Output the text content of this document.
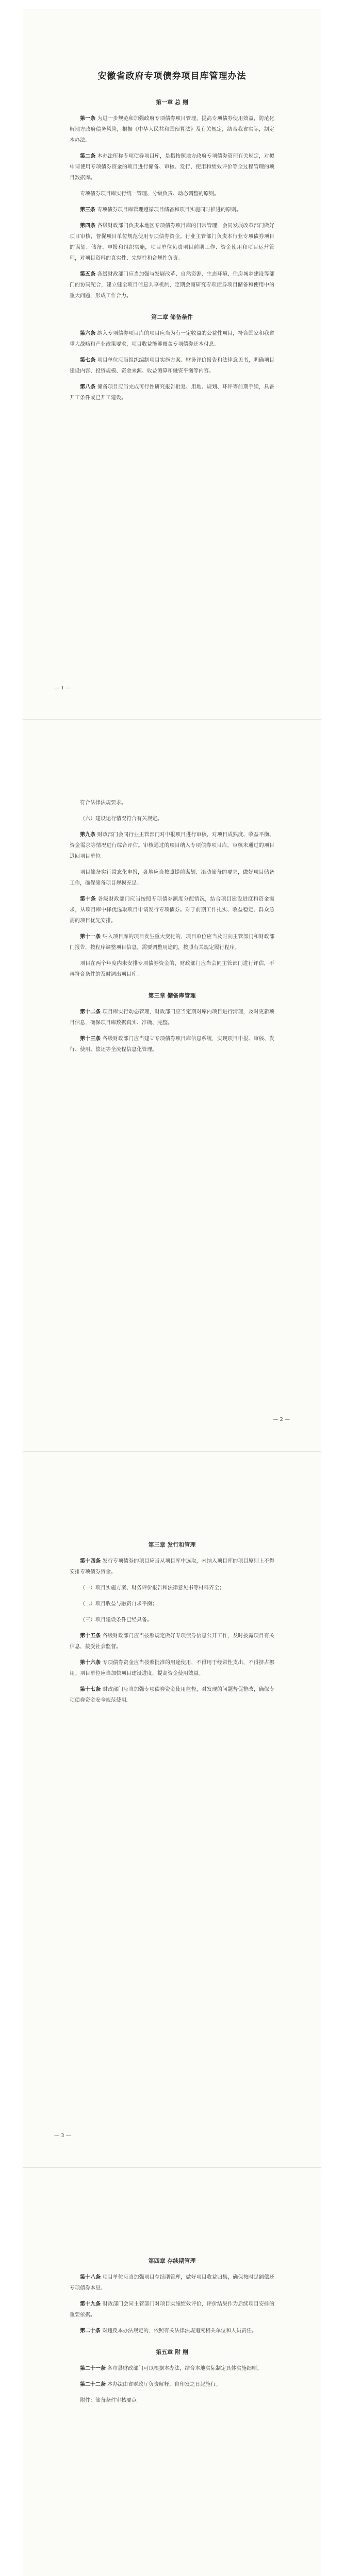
安徽省政府专项债券项目库管理办法
第一章 总 则

第一条 为进一步规范和加强政府专项债券项目管理，提高专项债券使用效益，防范化解地方政府债务风险，根据《中华人民共和国预算法》及有关规定，结合我省实际，制定本办法。

第二条 本办法所称专项债券项目库，是指按照地方政府专项债券管理有关规定，对拟申请使用专项债券资金的项目进行储备、审核、发行、使用和绩效评价等全过程管理的项目数据库。

专项债券项目库实行统一管理、分级负责、动态调整的原则。

第三条 专项债券项目库管理遵循项目储备和项目实施同时推进的原则。

第四条 各级财政部门负责本地区专项债券项目库的日常管理，会同发展改革部门做好项目审核，督促项目单位规范使用专项债券资金。行业主管部门负责本行业专项债券项目的谋划、储备、申报和组织实施，项目单位负责项目前期工作、资金使用和项目运营管理，对项目资料的真实性、完整性和合规性负责。

第五条 各级财政部门应当加强与发展改革、自然资源、生态环境、住房城乡建设等部门的协同配合，建立健全项目信息共享机制，定期会商研究专项债券项目储备和使用中的重大问题，形成工作合力。

第二章 储备条件

第六条 纳入专项债券项目库的项目应当为有一定收益的公益性项目，符合国家和我省重大战略和产业政策要求，项目收益能够覆盖专项债券还本付息。

第七条 项目单位应当组织编制项目实施方案、财务评价报告和法律意见书，明确项目建设内容、投资规模、资金来源、收益测算和融资平衡等内容。

第八条 储备项目应当完成可行性研究报告批复、用地、规划、环评等前期手续，具备开工条件或已开工建设。

— 1 —

符合法律法规要求。

（六）建设运行情况符合有关规定。

第九条 财政部门会同行业主管部门对申报项目进行审核，对项目成熟度、收益平衡、资金需求等情况进行综合评估。审核通过的项目纳入专项债券项目库，审核未通过的项目退回项目单位。

项目储备实行常态化申报，各地应当按照提前谋划、滚动储备的要求，做好项目储备工作，确保储备项目规模充足。

第十条 各级财政部门应当按照专项债券额度分配情况，结合项目建设进度和资金需求，从项目库中择优选取项目申请发行专项债券。对于前期工作扎实、收益稳定、群众急需的项目优先安排。

第十一条 纳入项目库的项目发生重大变化的，项目单位应当及时向主管部门和财政部门报告，按程序调整项目信息。需要调整用途的，按照有关规定履行程序。

项目在两个年度内未安排专项债券资金的，财政部门应当会同主管部门进行评估，不再符合条件的及时调出项目库。

第三章 储备库管理

第十二条 项目库实行动态管理，财政部门应当定期对库内项目进行清理，及时更新项目信息，确保项目库数据真实、准确、完整。

第十三条 各级财政部门应当建立专项债券项目库信息系统，实现项目申报、审核、发行、使用、偿还等全流程信息化管理。

— 2 —
第三章 发行和管理

第十四条 发行专项债券的项目应当从项目库中选取，未纳入项目库的项目原则上不得安排专项债券资金。

（一）项目实施方案、财务评价报告和法律意见书等材料齐全；

（二）项目收益与融资自求平衡；

（三）项目建设条件已经具备。

第十五条 各级财政部门应当按照规定做好专项债券信息公开工作，及时披露项目有关信息，接受社会监督。

第十六条 专项债券资金应当按照批准的用途使用，不得用于经常性支出，不得挤占挪用。项目单位应当加快项目建设进度，提高资金使用效益。

第十七条 财政部门应当加强专项债券资金使用监督，对发现的问题督促整改，确保专项债券资金安全规范使用。

— 3 —
第四章 存续期管理

第十八条 项目单位应当加强项目存续期管理，做好项目收益归集，确保按时足额偿还专项债券本息。

第十九条 财政部门会同主管部门对项目实施绩效评价，评价结果作为后续项目安排的重要依据。

第二十条 对违反本办法规定的，依照有关法律法规追究相关单位和人员责任。

第五章 附 则

第二十一条 各市县财政部门可以根据本办法，结合本地实际制定具体实施细则。

第二十二条 本办法由省财政厅负责解释，自印发之日起施行。

附件：储备条件审核要点
